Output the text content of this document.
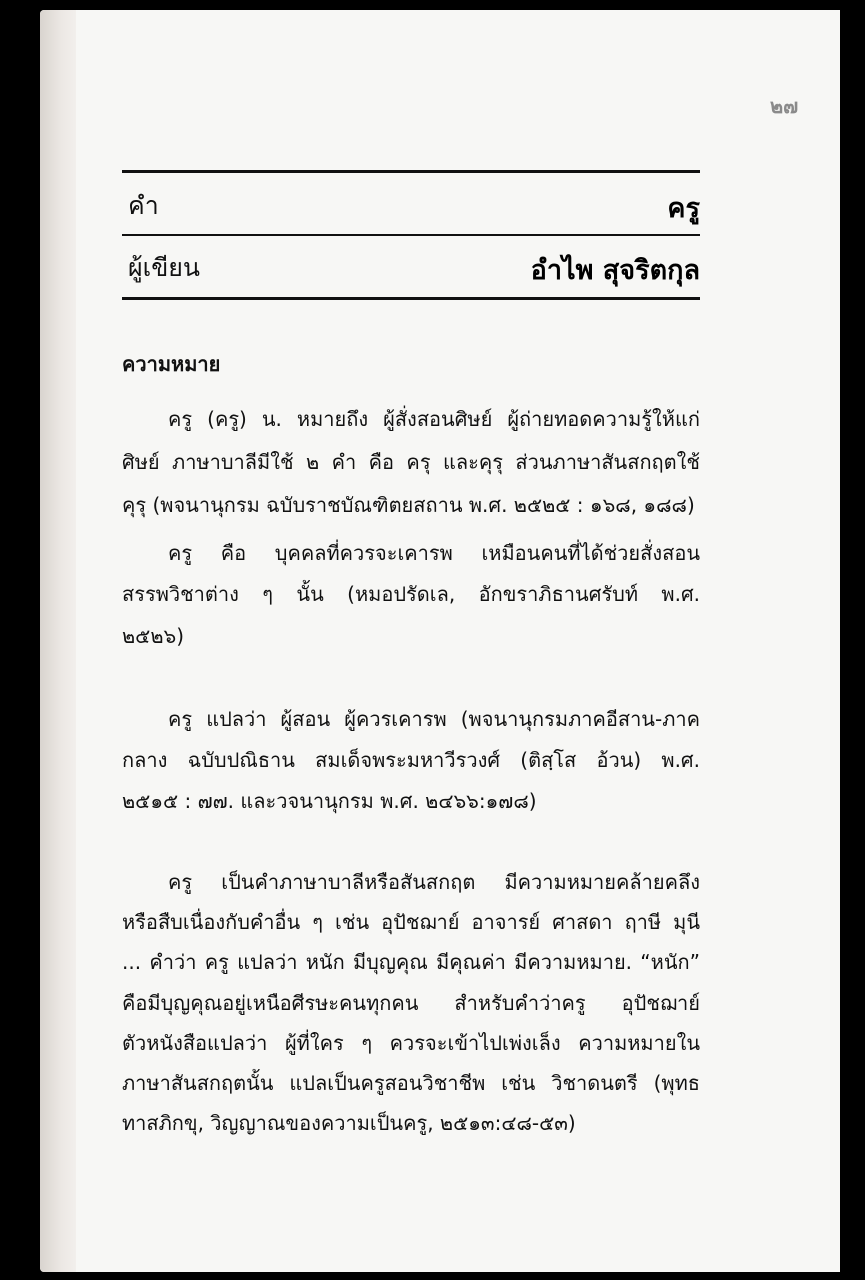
๒๗
คำ	ครู
ผู้เขียน	อำไพ สุจริตกุล
ความหมาย
ครู (ครู) น. หมายถึง ผู้สั่งสอนศิษย์ ผู้ถ่ายทอดความรู้ให้แก่
ศิษย์ ภาษาบาลีมีใช้ ๒ คำ คือ ครุ และคุรุ ส่วนภาษาสันสกฤตใช้
คุรุ (พจนานุกรม ฉบับราชบัณฑิตยสถาน พ.ศ. ๒๕๒๕ : ๑๖๘, ๑๘๘)
ครู คือ บุคคลที่ควรจะเคารพ เหมือนคนที่ได้ช่วยสั่งสอน
สรรพวิชาต่าง ๆ นั้น (หมอปรัดเล, อักขราภิธานศรับท์ พ.ศ.
๒๕๒๖)
ครู แปลว่า ผู้สอน ผู้ควรเคารพ (พจนานุกรมภาคอีสาน-ภาค
กลาง ฉบับปณิธาน สมเด็จพระมหาวีรวงศ์ (ติสฺโส อ้วน) พ.ศ.
๒๕๑๕ : ๗๗. และวจนานุกรม พ.ศ. ๒๔๖๖:๑๗๘)
ครู เป็นคำภาษาบาลีหรือสันสกฤต มีความหมายคล้ายคลึง
หรือสืบเนื่องกับคำอื่น ๆ เช่น อุปัชฌาย์ อาจารย์ ศาสดา ฤาษี มุนี
... คำว่า ครู แปลว่า หนัก มีบุญคุณ มีคุณค่า มีความหมาย. “หนัก”
คือมีบุญคุณอยู่เหนือศีรษะคนทุกคน สำหรับคำว่าครู อุปัชฌาย์
ตัวหนังสือแปลว่า ผู้ที่ใคร ๆ ควรจะเข้าไปเพ่งเล็ง ความหมายใน
ภาษาสันสกฤตนั้น แปลเป็นครูสอนวิชาชีพ เช่น วิชาดนตรี (พุทธ
ทาสภิกขุ, วิญญาณของความเป็นครู, ๒๕๑๓:๔๘-๕๓)
